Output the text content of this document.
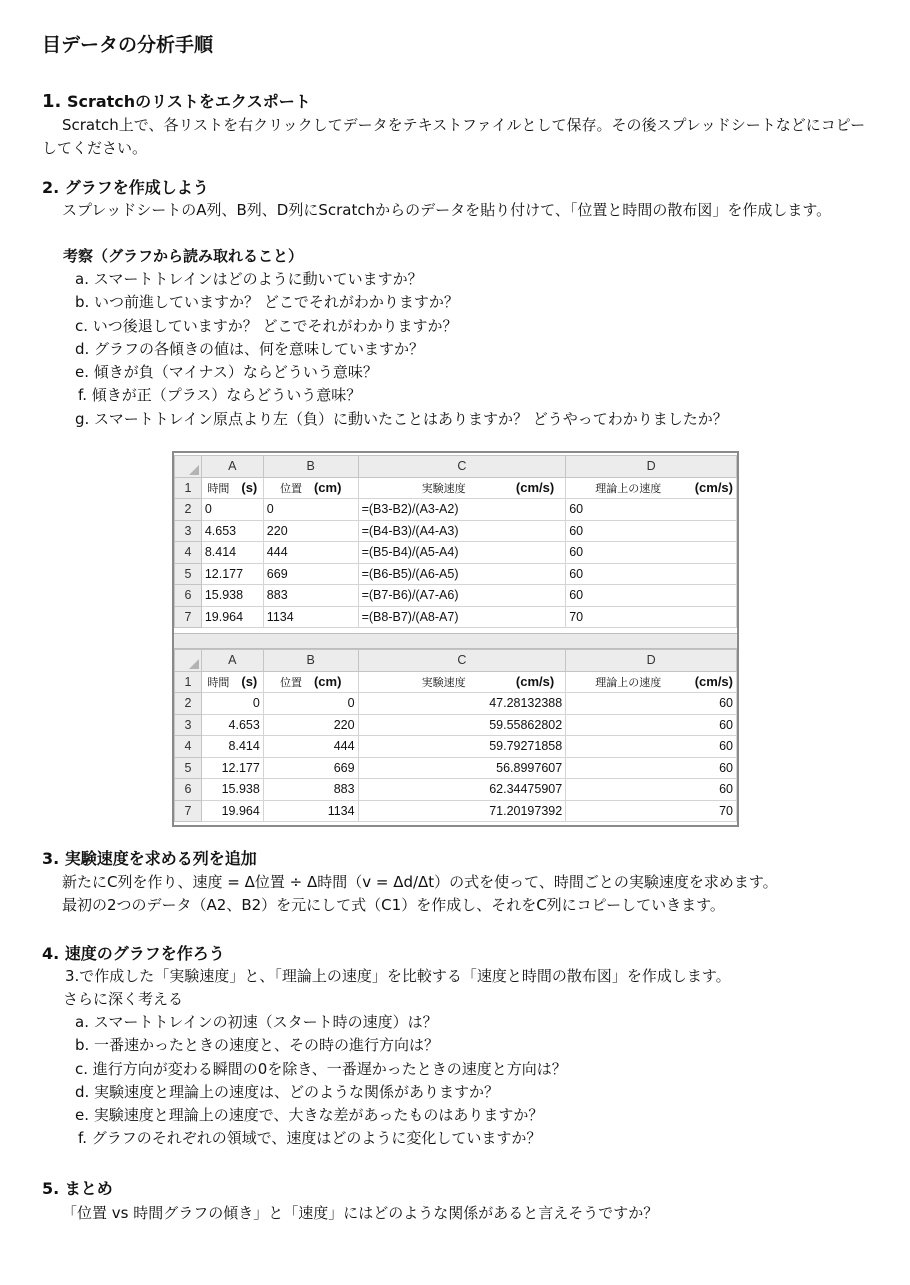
目データの分析手順
1. Scratchのリストをエクスポート
Scratch上で、各リストを右クリックしてデータをテキストファイルとして保存。その後スプレッドシートなどにコピーしてください。
2. グラフを作成しよう
スプレッドシートのA列、B列、D列にScratchからのデータを貼り付けて、「位置と時間の散布図」を作成します。
考察（グラフから読み取れること）
a. スマートトレインはどのように動いていますか？
b. いつ前進していますか？ どこでそれがわかりますか？
c. いつ後退していますか？ どこでそれがわかりますか？
d. グラフの各傾きの値は、何を意味していますか？
e. 傾きが負（マイナス）ならどういう意味？
f. 傾きが正（プラス）ならどういう意味？
g. スマートトレイン原点より左（負）に動いたことはありますか？ どうやってわかりましたか？
	A	B	C	D
1	時間 (s)	位置 (cm)	実験速度 (cm/s)	理論上の速度 (cm/s)

2	0	0	=(B3-B2)/(A3-A2)	60
3	4.653	220	=(B4-B3)/(A4-A3)	60
4	8.414	444	=(B5-B4)/(A5-A4)	60
5	12.177	669	=(B6-B5)/(A6-A5)	60
6	15.938	883	=(B7-B6)/(A7-A6)	60
7	19.964	1134	=(B8-B7)/(A8-A7)	70
	A	B	C	D
1	時間 (s)	位置 (cm)	実験速度 (cm/s)	理論上の速度 (cm/s)

2	0	0	47.28132388	60
3	4.653	220	59.55862802	60
4	8.414	444	59.79271858	60
5	12.177	669	56.8997607	60
6	15.938	883	62.34475907	60
7	19.964	1134	71.20197392	70
3. 実験速度を求める列を追加
新たにC列を作り、速度 = Δ位置 ÷ Δ時間（v = Δd/Δt）の式を使って、時間ごとの実験速度を求めます。
最初の2つのデータ（A2、B2）を元にして式（C1）を作成し、それをC列にコピーしていきます。
4. 速度のグラフを作ろう
3.で作成した「実験速度」と、「理論上の速度」を比較する「速度と時間の散布図」を作成します。
さらに深く考える
a. スマートトレインの初速（スタート時の速度）は？
b. 一番速かったときの速度と、その時の進行方向は？
c. 進行方向が変わる瞬間の0を除き、一番遅かったときの速度と方向は？
d. 実験速度と理論上の速度は、どのような関係がありますか？
e. 実験速度と理論上の速度で、大きな差があったものはありますか？
f. グラフのそれぞれの領域で、速度はどのように変化していますか？
5. まとめ
「位置 vs 時間グラフの傾き」と「速度」にはどのような関係があると言えそうですか？
